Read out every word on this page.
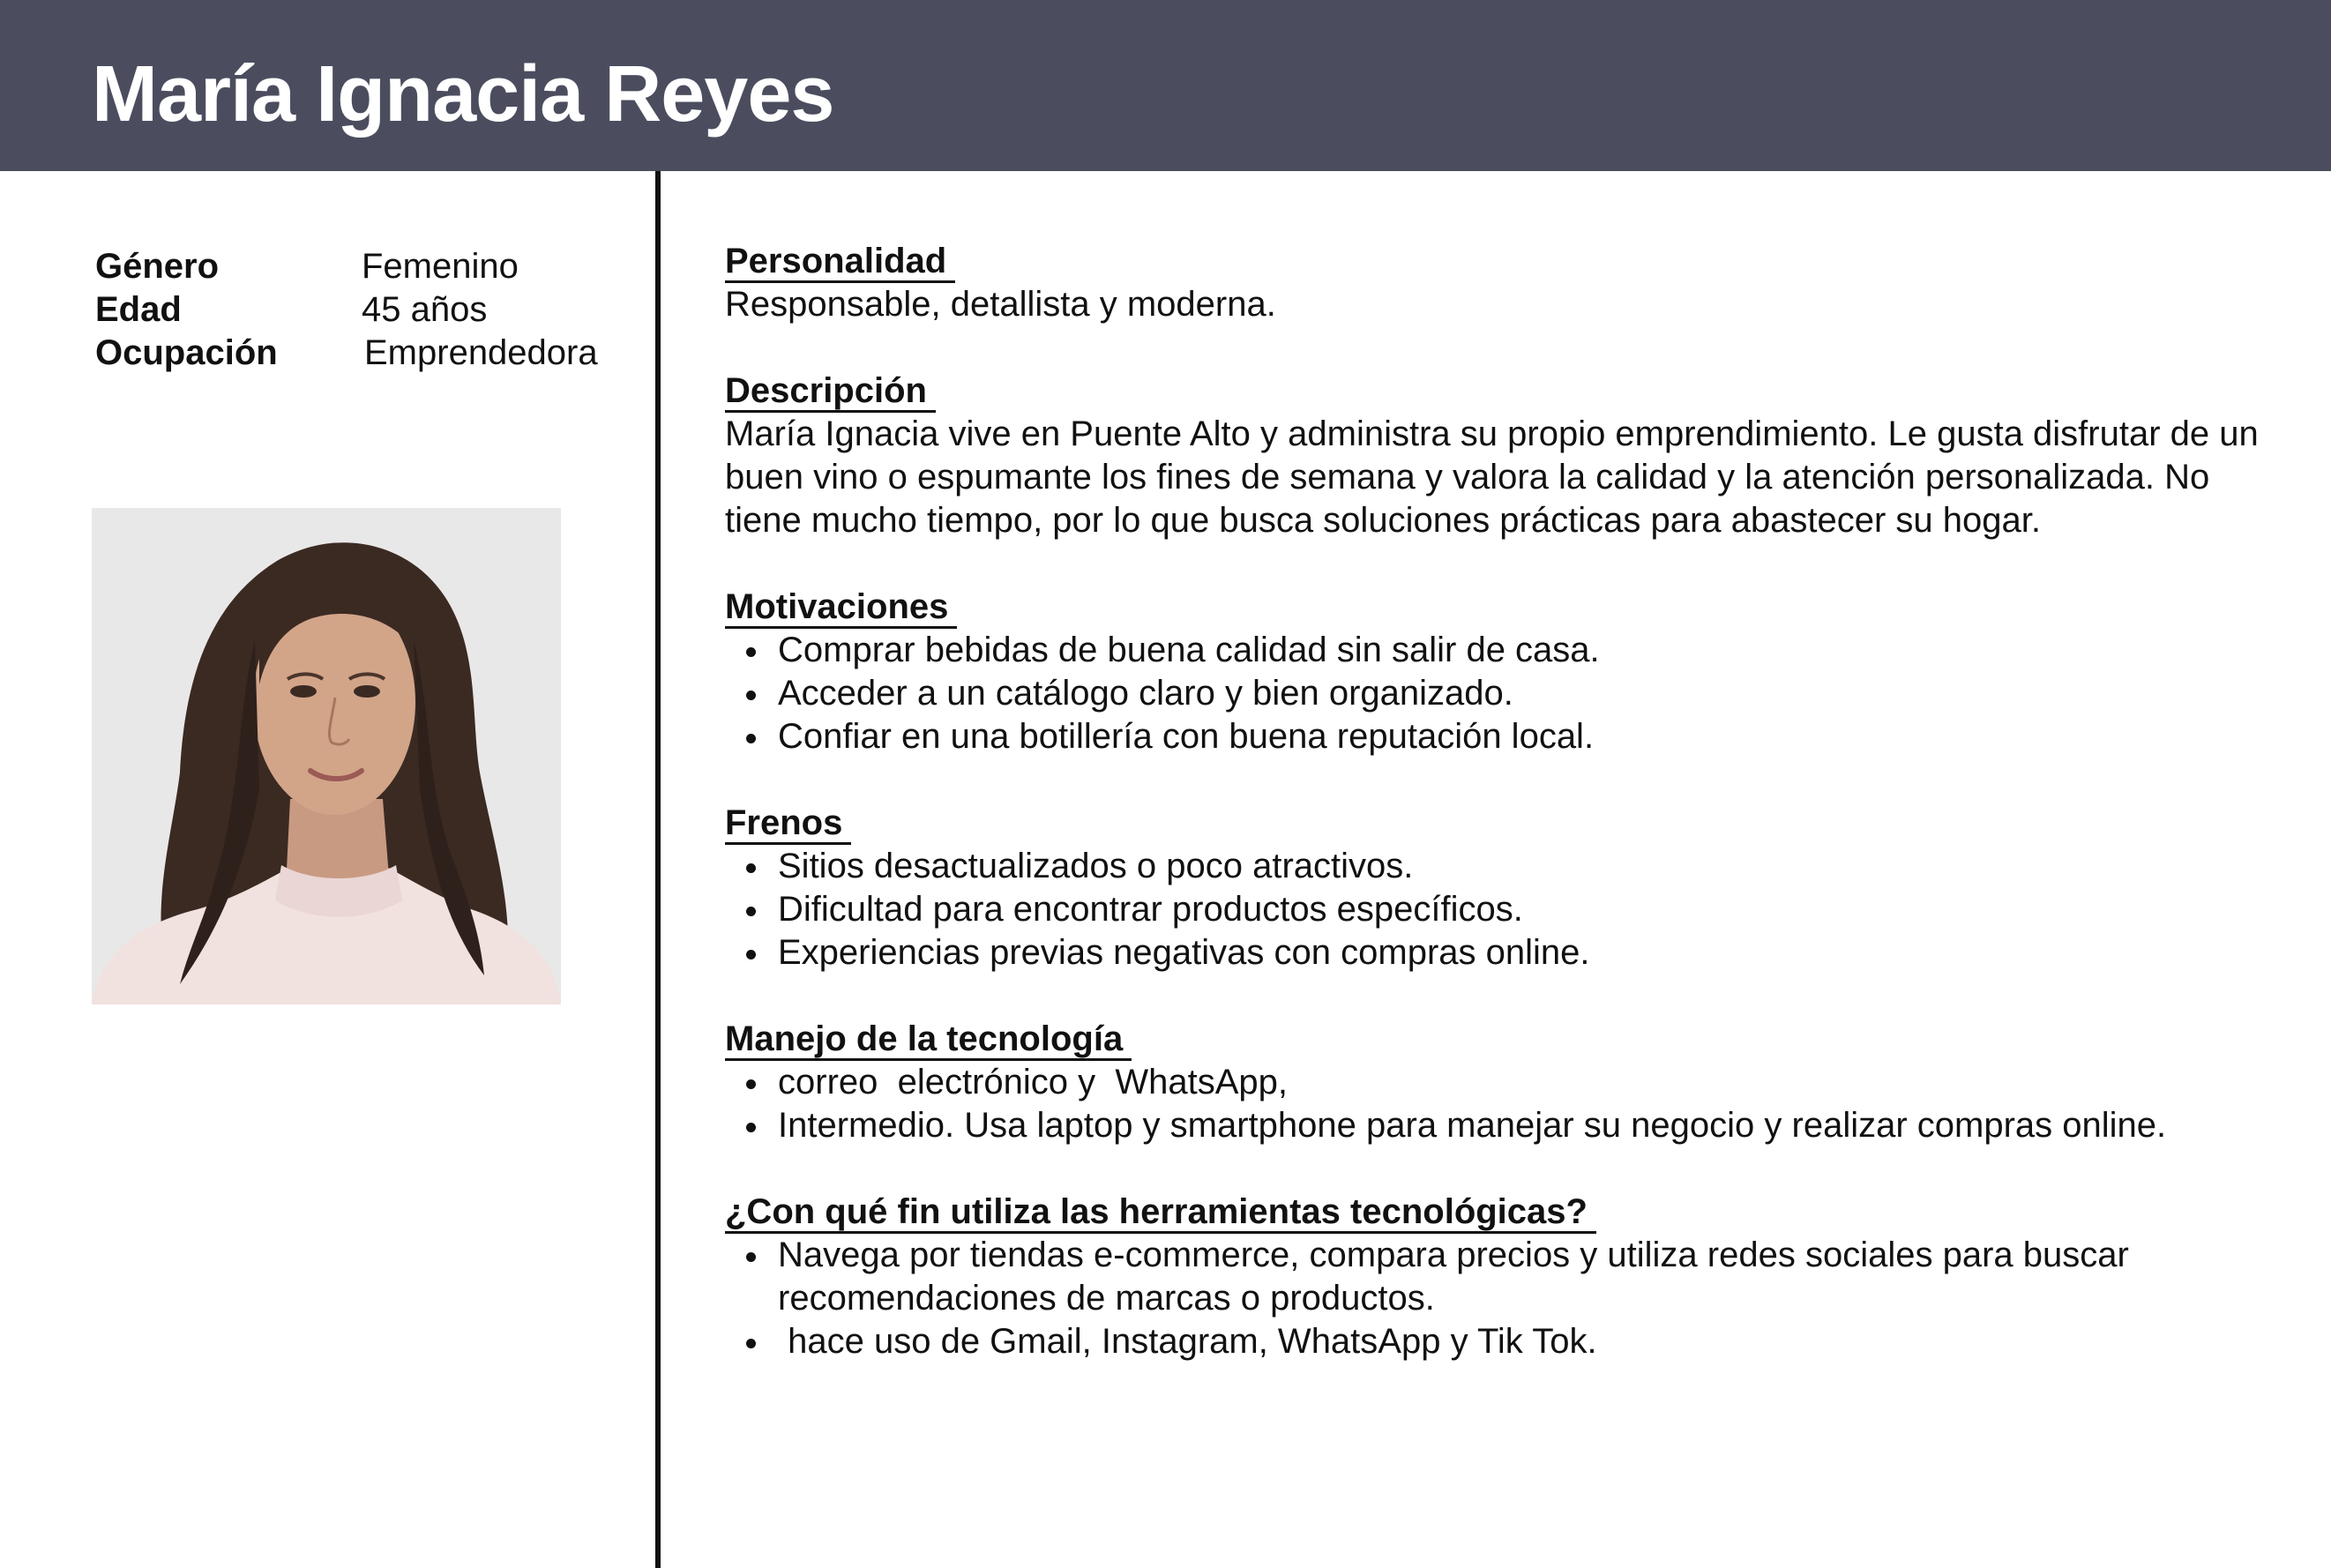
María Ignacia Reyes
Género	Femenino
Edad	45 años
Ocupación	Emprendedora
Personalidad

Responsable, detallista y moderna.

Descripción

María Ignacia vive en Puente Alto y administra su propio emprendimiento. Le gusta disfrutar de un buen vino o espumante los fines de semana y valora la calidad y la atención personalizada. No tiene mucho tiempo, por lo que busca soluciones prácticas para abastecer su hogar.

Motivaciones
Comprar bebidas de buena calidad sin salir de casa.
Acceder a un catálogo claro y bien organizado.
Confiar en una botillería con buena reputación local.
Frenos
Sitios desactualizados o poco atractivos.
Dificultad para encontrar productos específicos.
Experiencias previas negativas con compras online.
Manejo de la tecnología
correo  electrónico y  WhatsApp,
Intermedio. Usa laptop y smartphone para manejar su negocio y realizar compras online.
¿Con qué fin utiliza las herramientas tecnológicas?
Navega por tiendas e-commerce, compara precios y utiliza redes sociales para buscar recomendaciones de marcas o productos.
hace uso de Gmail, Instagram, WhatsApp y Tik Tok.
